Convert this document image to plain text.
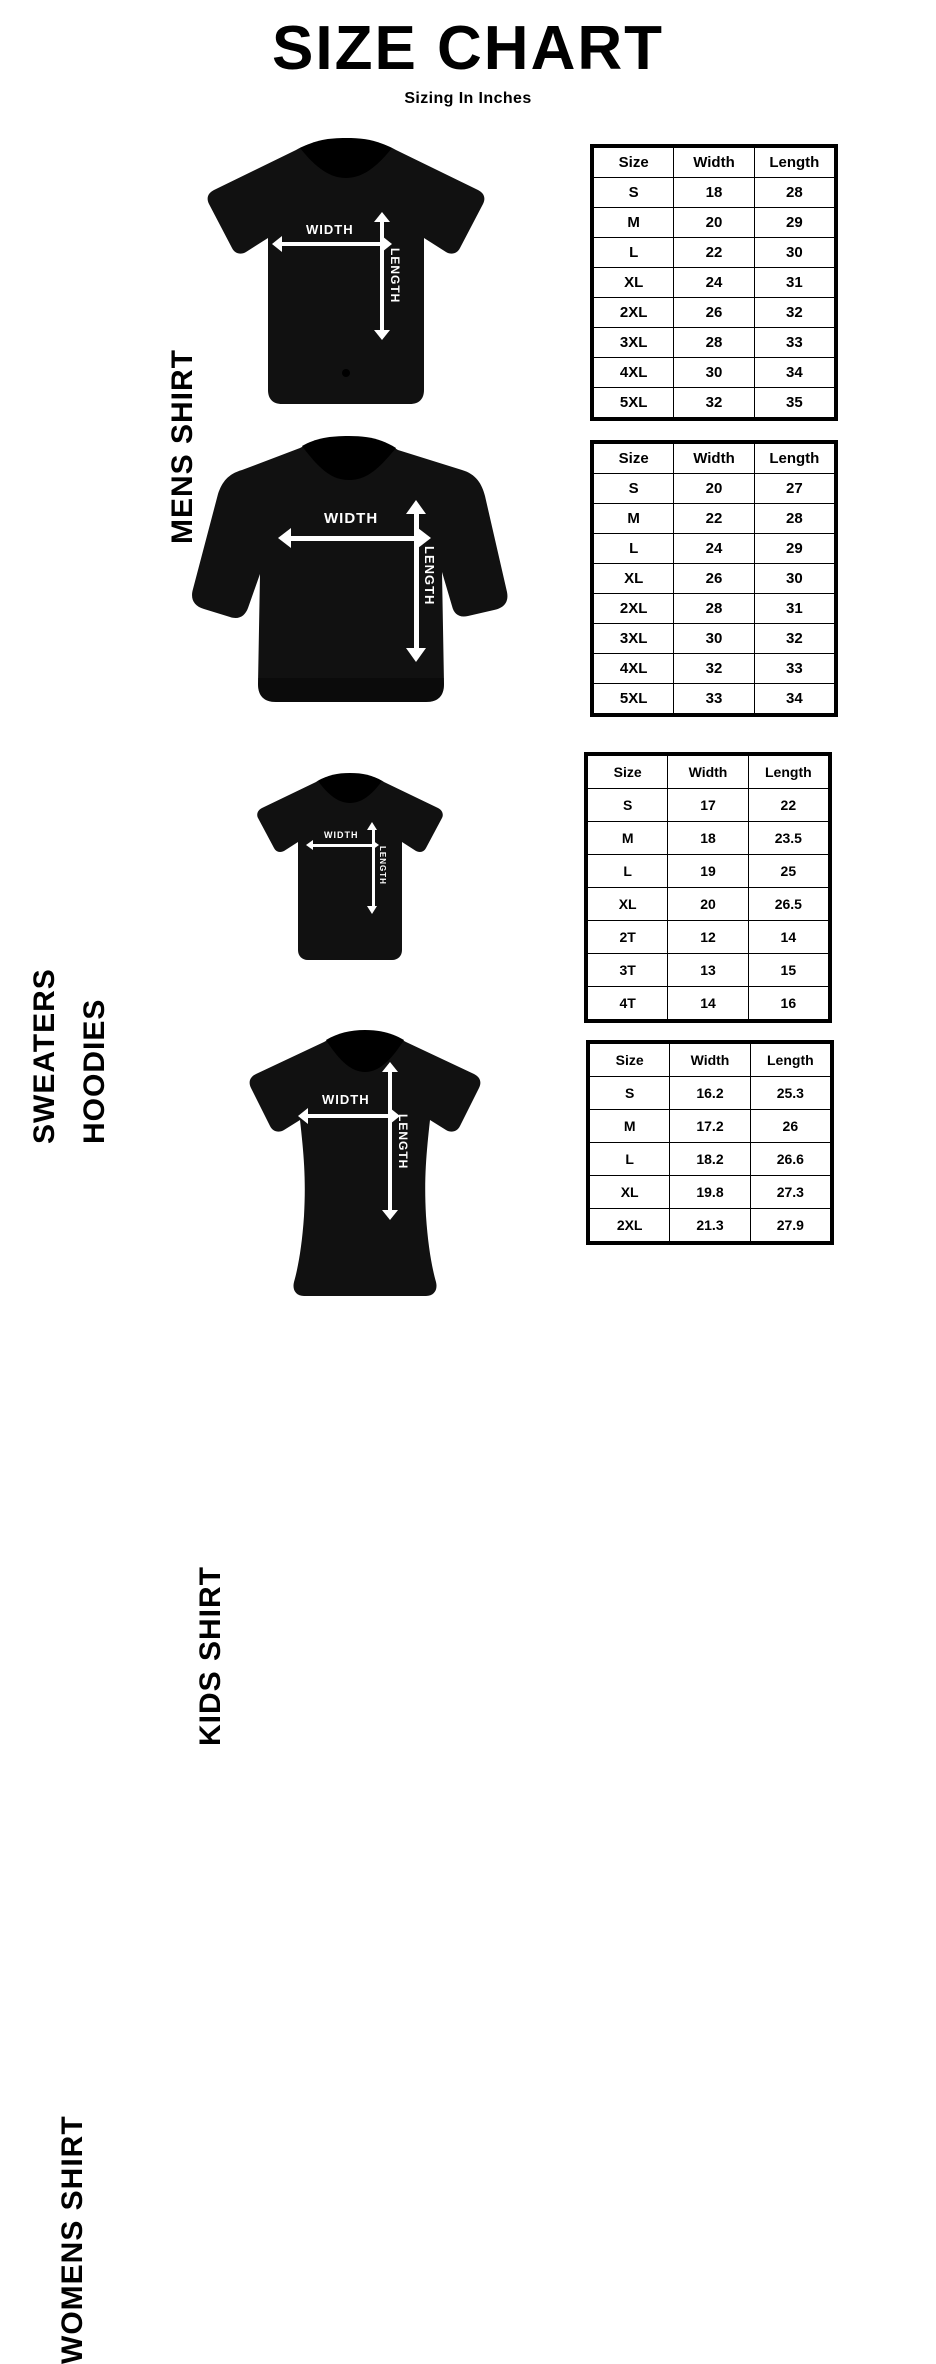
SIZE CHART
Sizing In Inches
MENS SHIRT
WIDTH
LENGTH
Size	Width	Length
S	18	28
M	20	29
L	22	30
XL	24	31
2XL	26	32
3XL	28	33
4XL	30	34
5XL	32	35
SWEATERS HOODIES
WIDTH
LENGTH
Size	Width	Length
S	20	27
M	22	28
L	24	29
XL	26	30
2XL	28	31
3XL	30	32
4XL	32	33
5XL	33	34
KIDS SHIRT
WIDTH
LENGTH
Size	Width	Length
S	17	22
M	18	23.5
L	19	25
XL	20	26.5
2T	12	14
3T	13	15
4T	14	16
WOMENS SHIRT
WIDTH
LENGTH
Size	Width	Length
S	16.2	25.3
M	17.2	26
L	18.2	26.6
XL	19.8	27.3
2XL	21.3	27.9
